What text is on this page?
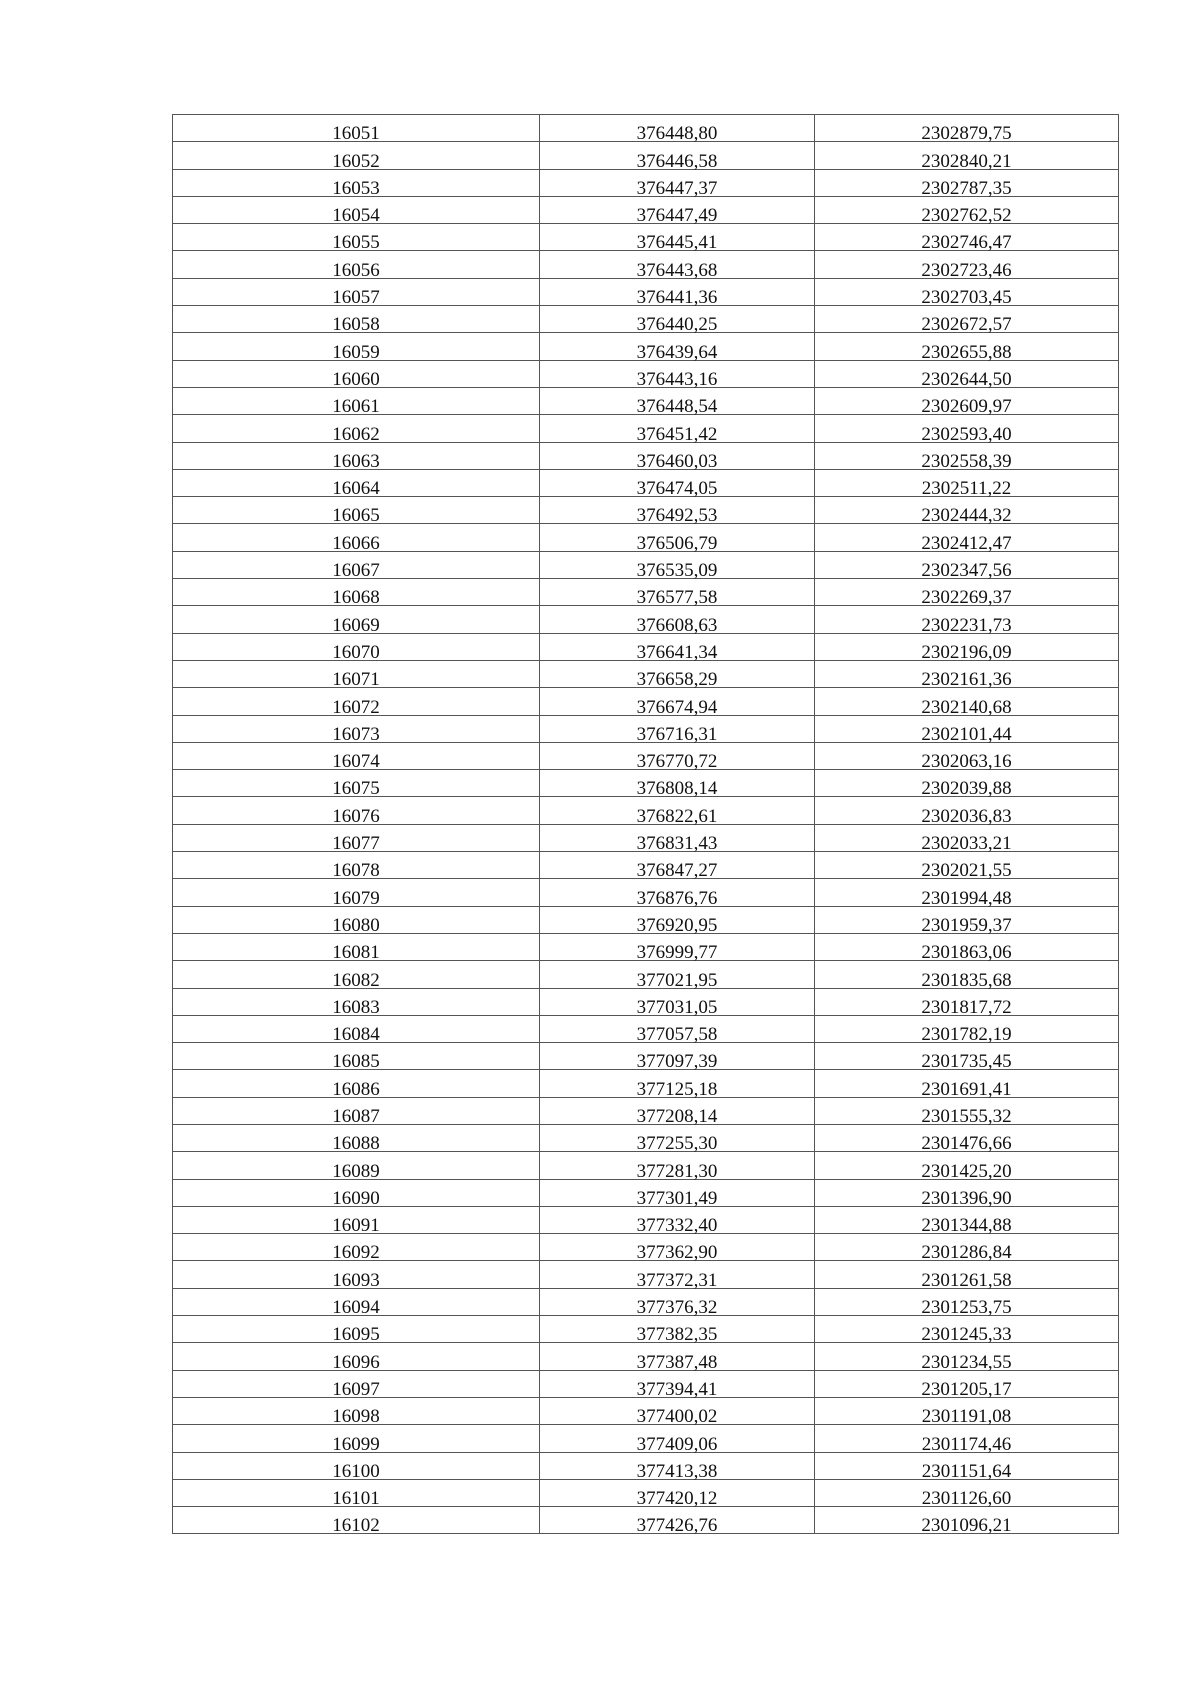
16051	376448,80	2302879,75
16052	376446,58	2302840,21
16053	376447,37	2302787,35
16054	376447,49	2302762,52
16055	376445,41	2302746,47
16056	376443,68	2302723,46
16057	376441,36	2302703,45
16058	376440,25	2302672,57
16059	376439,64	2302655,88
16060	376443,16	2302644,50
16061	376448,54	2302609,97
16062	376451,42	2302593,40
16063	376460,03	2302558,39
16064	376474,05	2302511,22
16065	376492,53	2302444,32
16066	376506,79	2302412,47
16067	376535,09	2302347,56
16068	376577,58	2302269,37
16069	376608,63	2302231,73
16070	376641,34	2302196,09
16071	376658,29	2302161,36
16072	376674,94	2302140,68
16073	376716,31	2302101,44
16074	376770,72	2302063,16
16075	376808,14	2302039,88
16076	376822,61	2302036,83
16077	376831,43	2302033,21
16078	376847,27	2302021,55
16079	376876,76	2301994,48
16080	376920,95	2301959,37
16081	376999,77	2301863,06
16082	377021,95	2301835,68
16083	377031,05	2301817,72
16084	377057,58	2301782,19
16085	377097,39	2301735,45
16086	377125,18	2301691,41
16087	377208,14	2301555,32
16088	377255,30	2301476,66
16089	377281,30	2301425,20
16090	377301,49	2301396,90
16091	377332,40	2301344,88
16092	377362,90	2301286,84
16093	377372,31	2301261,58
16094	377376,32	2301253,75
16095	377382,35	2301245,33
16096	377387,48	2301234,55
16097	377394,41	2301205,17
16098	377400,02	2301191,08
16099	377409,06	2301174,46
16100	377413,38	2301151,64
16101	377420,12	2301126,60
16102	377426,76	2301096,21
